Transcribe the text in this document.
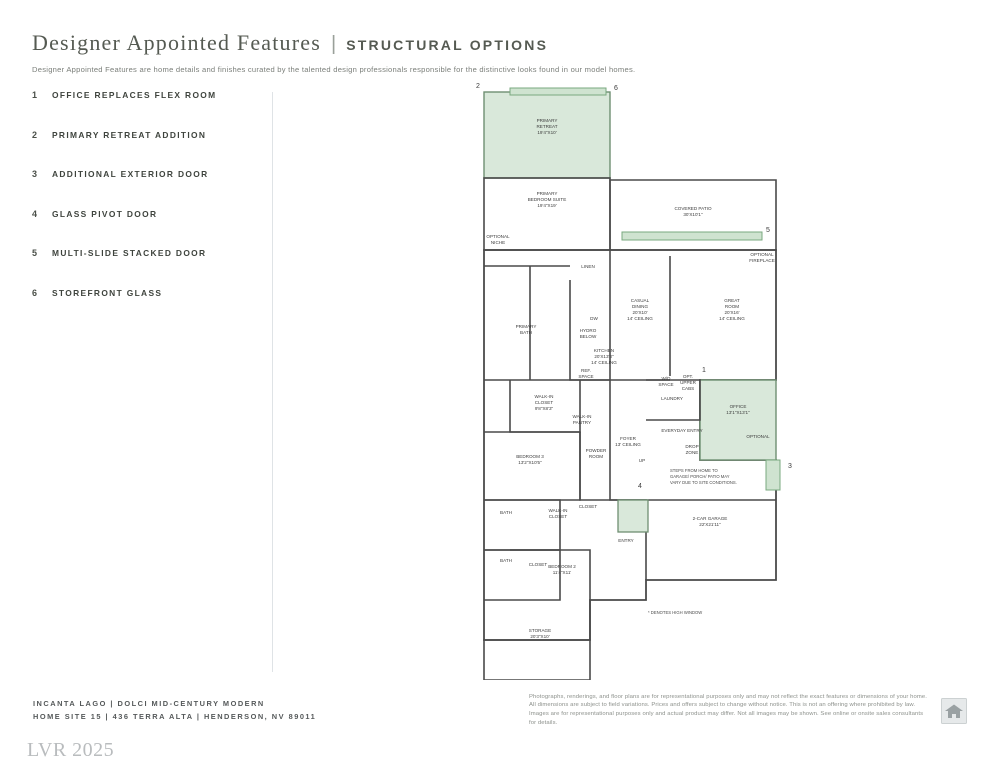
Designer Appointed Features | STRUCTURAL OPTIONS
Designer Appointed Features are home details and finishes curated by the talented design professionals responsible for the distinctive looks found in our model homes.
1	OFFICE REPLACES FLEX ROOM
2	PRIMARY RETREAT ADDITION
3	ADDITIONAL EXTERIOR DOOR
4	GLASS PIVOT DOOR
5	MULTI-SLIDE STACKED DOOR
6	STOREFRONT GLASS
2	6
5
1
3
4
PRIMARY
RETREAT
19'4"X10'
PRIMARY
BEDROOM SUITE
19'4"X19'
COVERED PATIO
30'X10'1"
CASUAL
DINING
20'X10'
14' CEILING
GREAT
ROOM
20'X16'
14' CEILING
KITCHEN
20'X13'3"
14' CEILING
PRIMARY
BATH
WALK-IN
CLOSET
9'8"X8'3"	OFFICE
13'1"X13'1"
LAUNDRY
FOYER
13' CEILING
BEDROOM 3
13'2"X10'5"
POWDER
ROOM
BATH
BATH
WALK-IN
CLOSET
CLOSET
CLOSET BEDROOM 2
11'4"X11'
2-CAR GARAGE
22'X21'11"
STORAGE
20'3"X10'
ENTRY
LINEN
HYDRO
BELOW
WALK-IN
PANTRY
REF.
SPACE
DW
OPTIONAL
NICHE
W/D
SPACE
OPT.
UPPER
CABS
EVERYDAY ENTRY
DROP
ZONE
UP
OPTIONAL
FIREPLACE
OPTIONAL
STEPS FROM HOME TO
GARAGE/ PORCH/ PATIO MAY
VARY DUE TO SITE CONDITIONS.
* DENOTES HIGH WINDOW
INCANTA LAGO | DOLCI MID-CENTURY MODERN
HOME SITE 15 | 436 TERRA ALTA | HENDERSON, NV 89011
Photographs, renderings, and floor plans are for representational purposes only and may not reflect the exact features or dimensions of your home. All dimensions are subject to field variations. Prices and offers subject to change without notice. This is not an offering where prohibited by law. Images are for representational purposes only and actual product may differ. Not all images may be shown. See online or onsite sales consultants for details.
LVR 2025
